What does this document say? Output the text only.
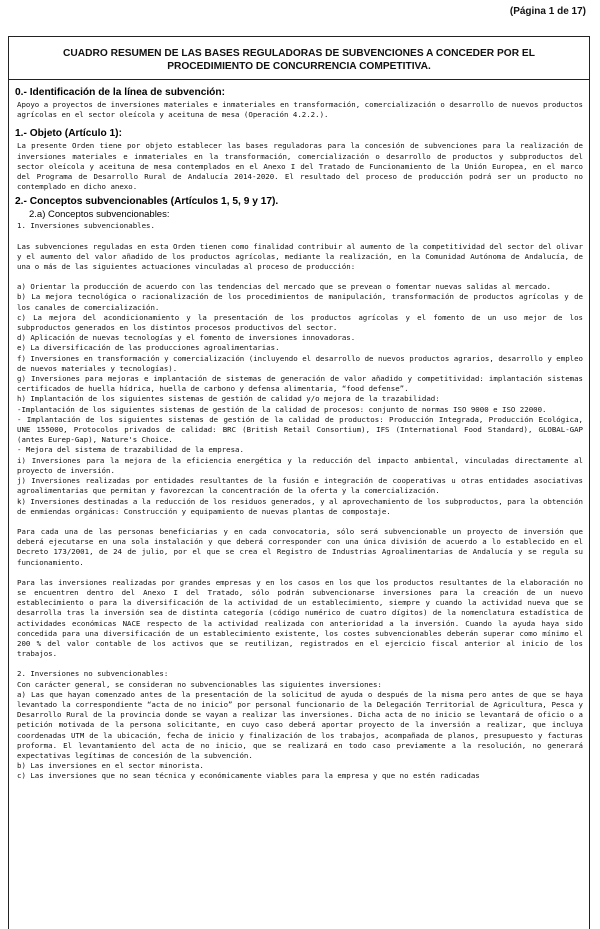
(Página 1 de 17)
CUADRO RESUMEN DE LAS BASES REGULADORAS DE SUBVENCIONES A CONCEDER POR EL PROCEDIMIENTO DE CONCURRENCIA COMPETITIVA.
0.- Identificación de la línea de subvención:

Apoyo a proyectos de inversiones materiales e inmateriales en transformación, comercialización o desarrollo de nuevos productos agrícolas en el sector oleícola y aceituna de mesa (Operación 4.2.2.).

1.- Objeto (Artículo 1):

La presente Orden tiene por objeto establecer las bases reguladoras para la concesión de subvenciones para la realización de inversiones materiales e inmateriales en la transformación, comercialización o desarrollo de productos y subproductos del sector oleícola y aceituna de mesa contemplados en el Anexo I del Tratado de Funcionamiento de la Unión Europea, en el marco del Programa de Desarrollo Rural de Andalucía 2014-2020. El resultado del proceso de producción podrá ser un producto no contemplado en dicho anexo.

2.- Conceptos subvencionables (Artículos 1, 5, 9 y 17).
2.a) Conceptos subvencionables:

1. Inversiones subvencionables.

Las subvenciones reguladas en esta Orden tienen como finalidad contribuir al aumento de la competitividad del sector del olivar y el aumento del valor añadido de los productos agrícolas, mediante la realización, en la Comunidad Autónoma de Andalucía, de una o más de las siguientes actuaciones vinculadas al proceso de producción:

a) Orientar la producción de acuerdo con las tendencias del mercado que se prevean o fomentar nuevas salidas al mercado.

b) La mejora tecnológica o racionalización de los procedimientos de manipulación, transformación de productos agrícolas y de los canales de comercialización.

c) La mejora del acondicionamiento y la presentación de los productos agrícolas y el fomento de un uso mejor de los subproductos generados en los distintos procesos productivos del sector.

d) Aplicación de nuevas tecnologías y el fomento de inversiones innovadoras.

e) La diversificación de las producciones agroalimentarias.

f) Inversiones en transformación y comercialización (incluyendo el desarrollo de nuevos productos agrarios, desarrollo y empleo de nuevos materiales y tecnologías).

g) Inversiones para mejoras e implantación de sistemas de generación de valor añadido y competitividad: implantación sistemas certificados de huella hídrica, huella de carbono y defensa alimentaria, “food defense”.

h) Implantación de los siguientes sistemas de gestión de calidad y/o mejora de la trazabilidad:

-Implantación de los siguientes sistemas de gestión de la calidad de procesos: conjunto de normas ISO 9000 e ISO 22000.

- Implantación de los siguientes sistemas de gestión de la calidad de productos: Producción Integrada, Producción Ecológica, UNE 155000, Protocolos privados de calidad: BRC (British Retail Consortium), IFS (International Food Standard), GLOBAL-GAP (antes Eurep-Gap), Nature's Choice.

- Mejora del sistema de trazabilidad de la empresa.

i) Inversiones para la mejora de la eficiencia energética y la reducción del impacto ambiental, vinculadas directamente al proyecto de inversión.

j) Inversiones realizadas por entidades resultantes de la fusión e integración de cooperativas u otras entidades asociativas agroalimentarias que permitan y favorezcan la concentración de la oferta y la comercialización.

k) Inversiones destinadas a la reducción de los residuos generados, y al aprovechamiento de los subproductos, para la obtención de enmiendas orgánicas: Construcción y equipamiento de nuevas plantas de compostaje.

Para cada una de las personas beneficiarias y en cada convocatoria, sólo será subvencionable un proyecto de inversión que deberá ejecutarse en una sola instalación y que deberá corresponder con una única división de acuerdo a lo establecido en el Decreto 173/2001, de 24 de julio, por el que se crea el Registro de Industrias Agroalimentarias de Andalucía y se regula su funcionamiento.

Para las inversiones realizadas por grandes empresas y en los casos en los que los productos resultantes de la elaboración no se encuentren dentro del Anexo I del Tratado, sólo podrán subvencionarse inversiones para la creación de un nuevo establecimiento o para la diversificación de la actividad de un establecimiento, siempre y cuando la actividad nueva que se desarrolla tras la inversión sea de distinta categoría (código numérico de cuatro dígitos) de la nomenclatura estadística de actividades económicas NACE respecto de la actividad realizada con anterioridad a la inversión. Cuando la ayuda haya sido concedida para una diversificación de un establecimiento existente, los costes subvencionables deberán superar como mínimo el 200 % del valor contable de los activos que se reutilizan, registrados en el ejercicio fiscal anterior al inicio de los trabajos.

2. Inversiones no subvencionables:

Con carácter general, se consideran no subvencionables las siguientes inversiones:

a) Las que hayan comenzado antes de la presentación de la solicitud de ayuda o después de la misma pero antes de que se haya levantado la correspondiente “acta de no inicio” por personal funcionario de la Delegación Territorial de Agricultura, Pesca y Desarrollo Rural de la provincia donde se vayan a realizar las inversiones. Dicha acta de no inicio se levantará de oficio o a petición motivada de la persona solicitante, en cuyo caso deberá aportar proyecto de la inversión a realizar, que incluya coordenadas UTM de la ubicación, fecha de inicio y finalización de los trabajos, acompañada de planos, presupuesto y facturas proforma. El levantamiento del acta de no inicio, que se realizará en todo caso previamente a la resolución, no generará expectativas legítimas de concesión de la subvención.

b) Las inversiones en el sector minorista.

c) Las inversiones que no sean técnica y económicamente viables para la empresa y que no estén radicadas
